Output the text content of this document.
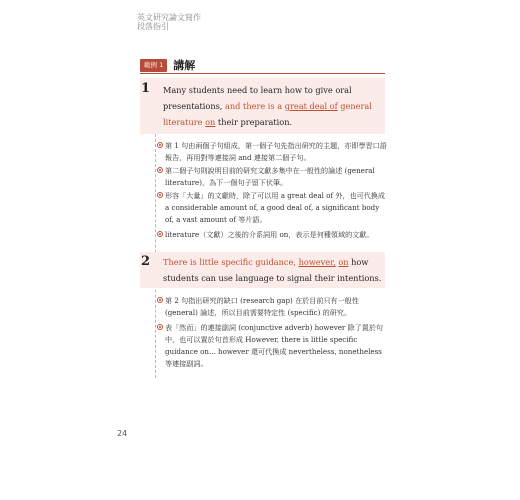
英文研究論文寫作
段落指引
範例 1 講解
1 Many students need to learn how to give oral presentations, and there is a great deal of general literature on their preparation.
第 1 句由兩個子句組成，第一個子句先指出研究的主題，亦即學習口語報告，再用對等連接詞 and 連接第二個子句。
第二個子句則說明目前的研究文獻多集中在一般性的論述 (general literature)，為下一個句子留下伏筆。
形容「大量」的文獻時，除了可以用 a great deal of 外，也可代換成 a considerable amount of, a good deal of, a significant body of, a vast amount of 等片語。
literature（文獻）之後的介系詞用 on，表示是何種領域的文獻。
2 There is little specific guidance, however, on how students can use language to signal their intentions.
第 2 句指出研究的缺口 (research gap) 在於目前只有一般性 (general) 論述，所以目前需要特定性 (specific) 的研究。
表「然而」的連接副詞 (conjunctive adverb) however 除了置於句中，也可以置於句首形成 However, there is little specific guidance on... however 還可代換成 nevertheless, nonetheless 等連接副詞。
24
